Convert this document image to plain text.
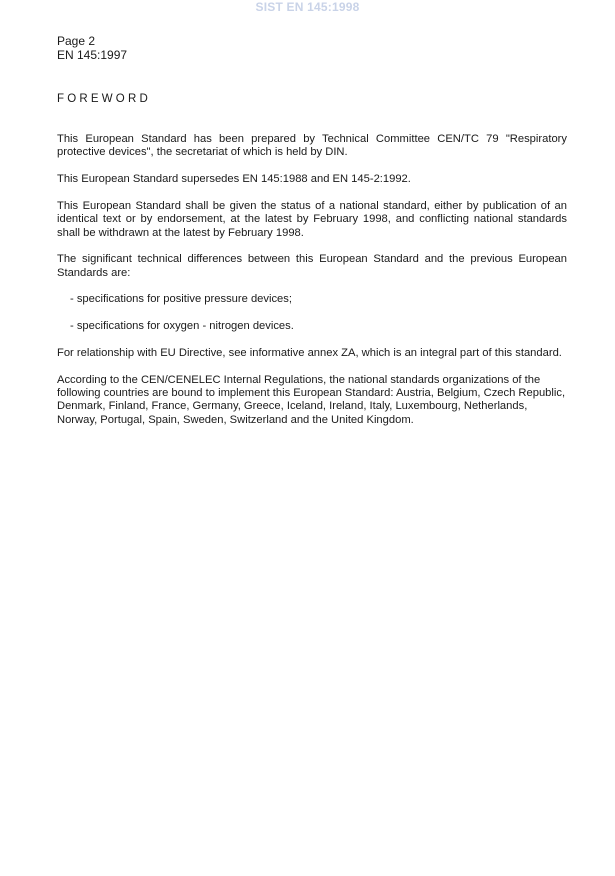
SIST EN 145:1998
Page 2
EN 145:1997
FOREWORD

This European Standard has been prepared by Technical Committee CEN/TC 79 "Respiratory protective devices", the secretariat of which is held by DIN.

This European Standard supersedes EN 145:1988 and EN 145-2:1992.

This European Standard shall be given the status of a national standard, either by publication of an identical text or by endorsement, at the latest by February 1998, and conflicting national standards shall be withdrawn at the latest by February 1998.

The significant technical differences between this European Standard and the previous European Standards are:

- specifications for positive pressure devices;

- specifications for oxygen - nitrogen devices.

For relationship with EU Directive, see informative annex ZA, which is an integral part of this standard.

According to the CEN/CENELEC Internal Regulations, the national standards organizations of the following countries are bound to implement this European Standard: Austria, Belgium, Czech Republic, Denmark, Finland, France, Germany, Greece, Iceland, Ireland, Italy, Luxembourg, Netherlands, Norway, Portugal, Spain, Sweden, Switzerland and the United Kingdom.
